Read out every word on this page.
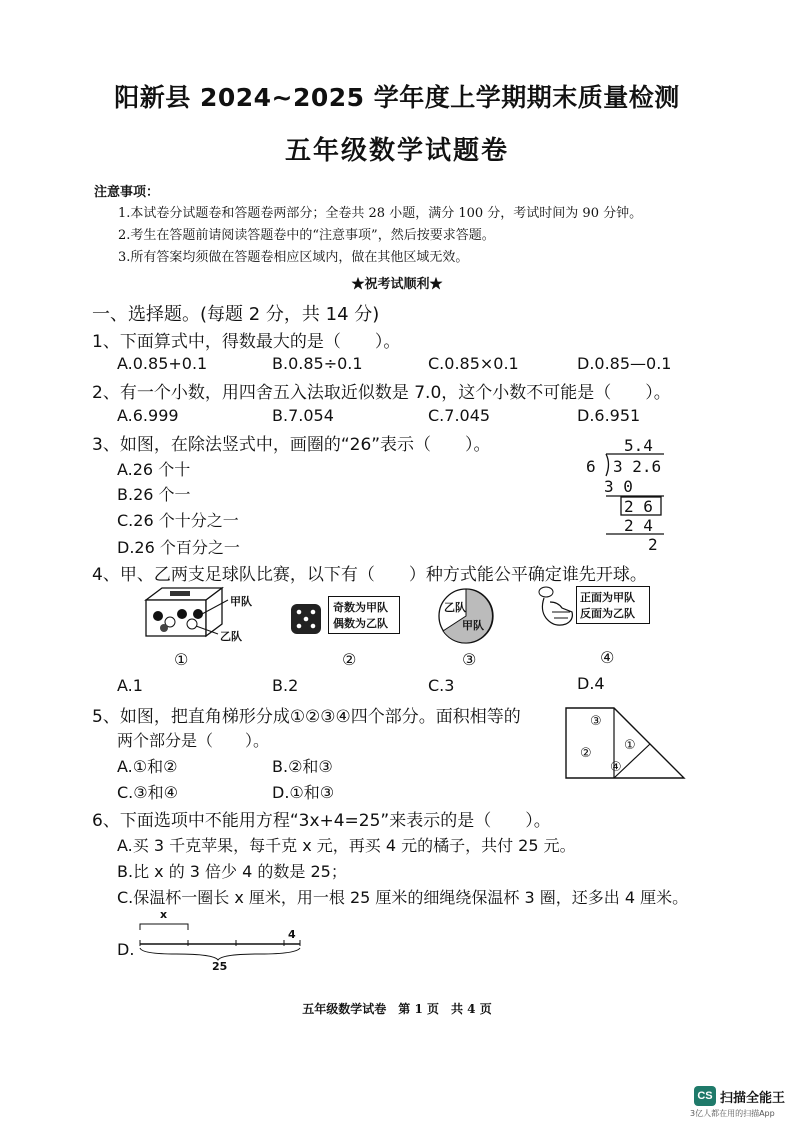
阳新县 2024~2025 学年度上学期期末质量检测
五年级数学试题卷
注意事项：
1.本试卷分试题卷和答题卷两部分；全卷共 28 小题，满分 100 分，考试时间为 90 分钟。
2.考生在答题前请阅读答题卷中的“注意事项”，然后按要求答题。
3.所有答案均须做在答题卷相应区域内，做在其他区域无效。
★祝考试顺利★
一、选择题。(每题 2 分，共 14 分)
1、下面算式中，得数最大的是（　　）。
A.0.85+0.1	B.0.85÷0.1	C.0.85×0.1	D.0.85—0.1
2、有一个小数，用四舍五入法取近似数是 7.0，这个小数不可能是（　　）。
A.6.999	B.7.054	C.7.045	D.6.951
3、如图，在除法竖式中，画圈的“26”表示（　　）。
A.26 个十
B.26 个一
C.26 个十分之一
D.26 个百分之一
5.4
6 3 2.6
3 0
2 6
2 4
2
4、甲、乙两支足球队比赛，以下有（　　）种方式能公平确定谁先开球。
甲队
乙队
奇数为甲队
偶数为乙队
乙队
甲队
正面为甲队
反面为乙队
①	②	③	④
A.1	B.2	C.3	D.4
5、如图，把直角梯形分成①②③④四个部分。面积相等的
两个部分是（　　）。
A.①和②	B.②和③
C.③和④	D.①和③
③
②
①
④
6、下面选项中不能用方程“3x+4=25”来表示的是（　　）。
A.买 3 千克苹果，每千克 x 元，再买 4 元的橘子，共付 25 元。
B.比 x 的 3 倍少 4 的数是 25；
C.保温杯一圈长 x 厘米，用一根 25 厘米的细绳绕保温杯 3 圈，还多出 4 厘米。
D.
x
4
25
五年级数学试卷　第 1 页　共 4 页
CS 扫描全能王
3亿人都在用的扫描App
